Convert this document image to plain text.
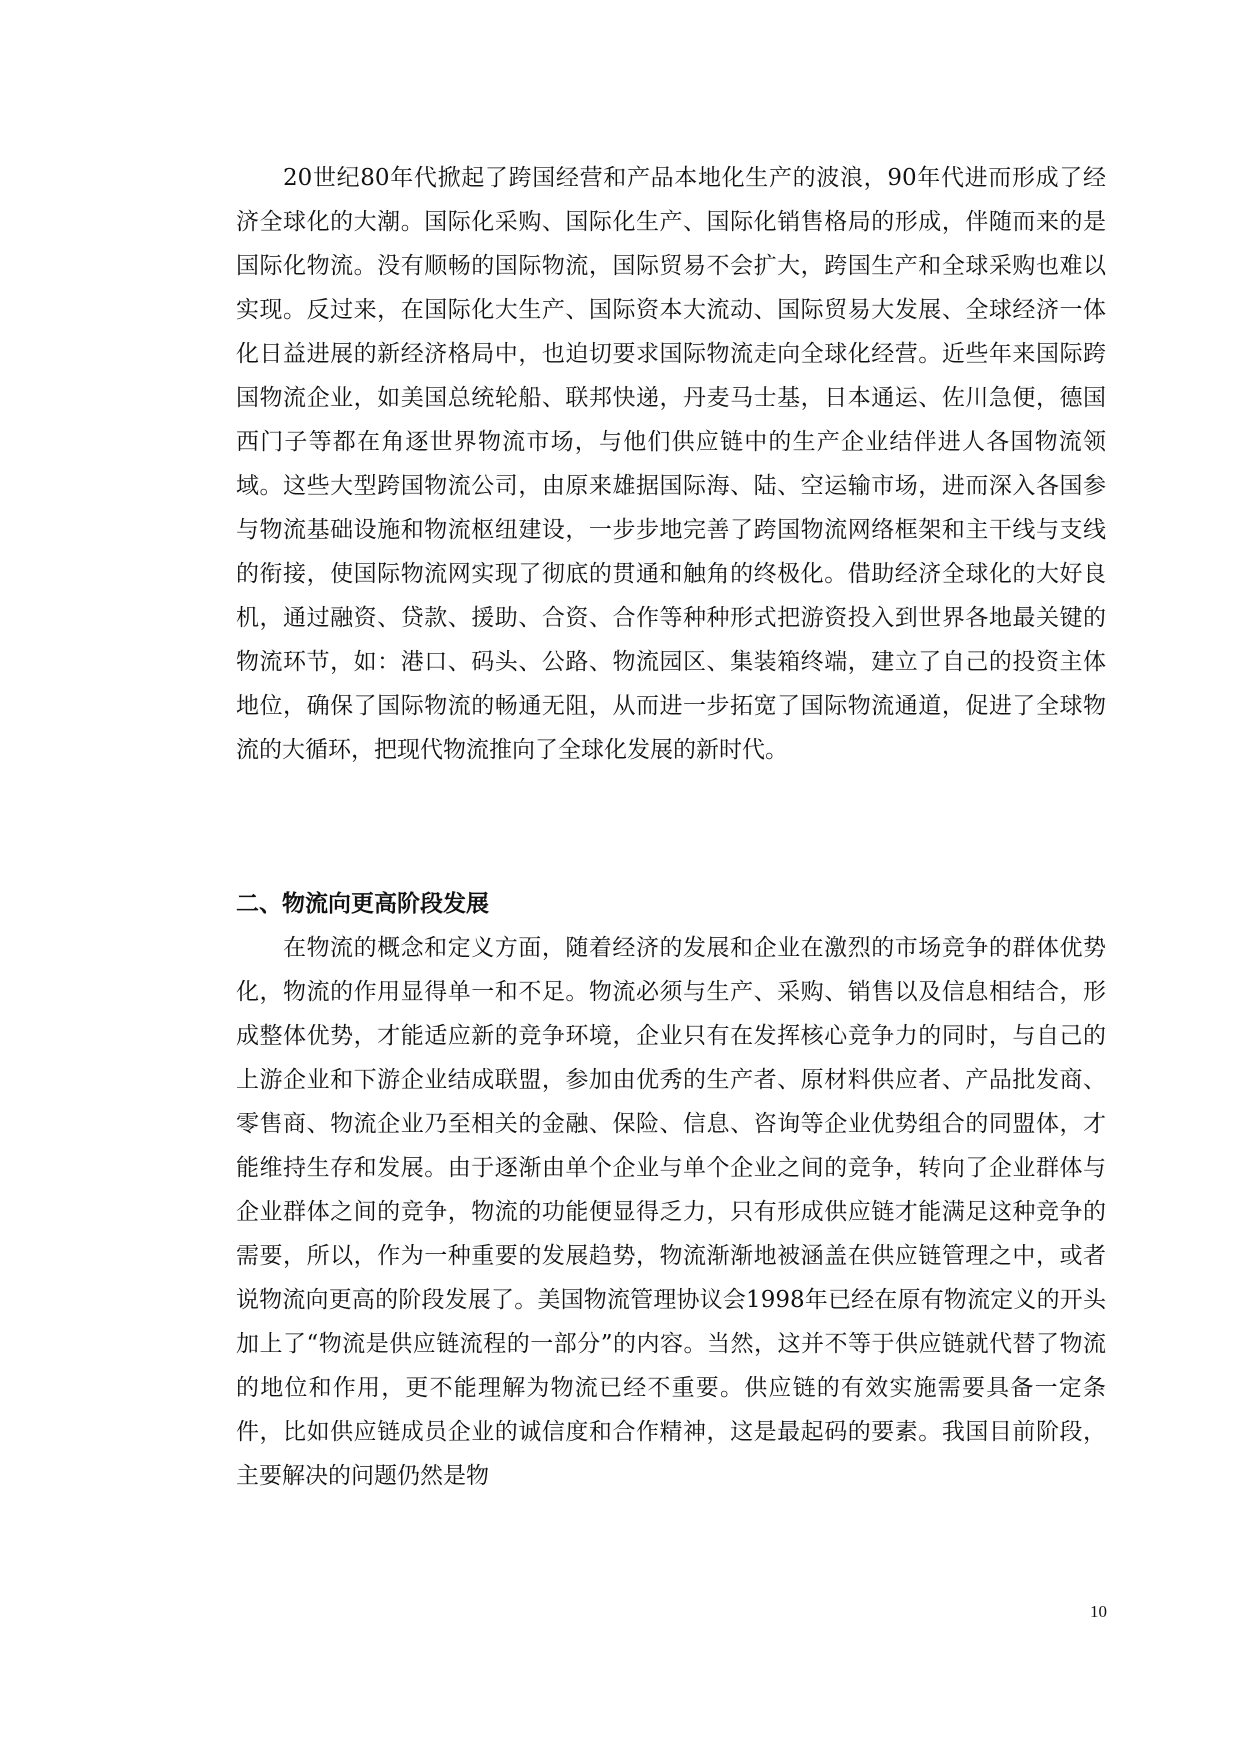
20世纪80年代掀起了跨国经营和产品本地化生产的波浪，90年代进而形成了经济全球化的大潮。国际化采购、国际化生产、国际化销售格局的形成，伴随而来的是国际化物流。没有顺畅的国际物流，国际贸易不会扩大，跨国生产和全球采购也难以实现。反过来，在国际化大生产、国际资本大流动、国际贸易大发展、全球经济一体化日益进展的新经济格局中，也迫切要求国际物流走向全球化经营。近些年来国际跨国物流企业，如美国总统轮船、联邦快递，丹麦马士基，日本通运、佐川急便，德国西门子等都在角逐世界物流市场，与他们供应链中的生产企业结伴进人各国物流领域。这些大型跨国物流公司，由原来雄据国际海、陆、空运输市场，进而深入各国参与物流基础设施和物流枢纽建设，一步步地完善了跨国物流网络框架和主干线与支线的衔接，使国际物流网实现了彻底的贯通和触角的终极化。借助经济全球化的大好良机，通过融资、贷款、援助、合资、合作等种种形式把游资投入到世界各地最关键的物流环节，如：港口、码头、公路、物流园区、集装箱终端，建立了自己的投资主体地位，确保了国际物流的畅通无阻，从而进一步拓宽了国际物流通道，促进了全球物流的大循环，把现代物流推向了全球化发展的新时代。

二、物流向更高阶段发展

在物流的概念和定义方面，随着经济的发展和企业在激烈的市场竞争的群体优势化，物流的作用显得单一和不足。物流必须与生产、采购、销售以及信息相结合，形成整体优势，才能适应新的竞争环境，企业只有在发挥核心竞争力的同时，与自己的上游企业和下游企业结成联盟，参加由优秀的生产者、原材料供应者、产品批发商、零售商、物流企业乃至相关的金融、保险、信息、咨询等企业优势组合的同盟体，才能维持生存和发展。由于逐渐由单个企业与单个企业之间的竞争，转向了企业群体与企业群体之间的竞争，物流的功能便显得乏力，只有形成供应链才能满足这种竞争的需要，所以，作为一种重要的发展趋势，物流渐渐地被涵盖在供应链管理之中，或者说物流向更高的阶段发展了。美国物流管理协议会1998年已经在原有物流定义的开头加上了“物流是供应链流程的一部分”的内容。当然，这并不等于供应链就代替了物流的地位和作用，更不能理解为物流已经不重要。供应链的有效实施需要具备一定条件，比如供应链成员企业的诚信度和合作精神，这是最起码的要素。我国目前阶段，主要解决的问题仍然是物

10
